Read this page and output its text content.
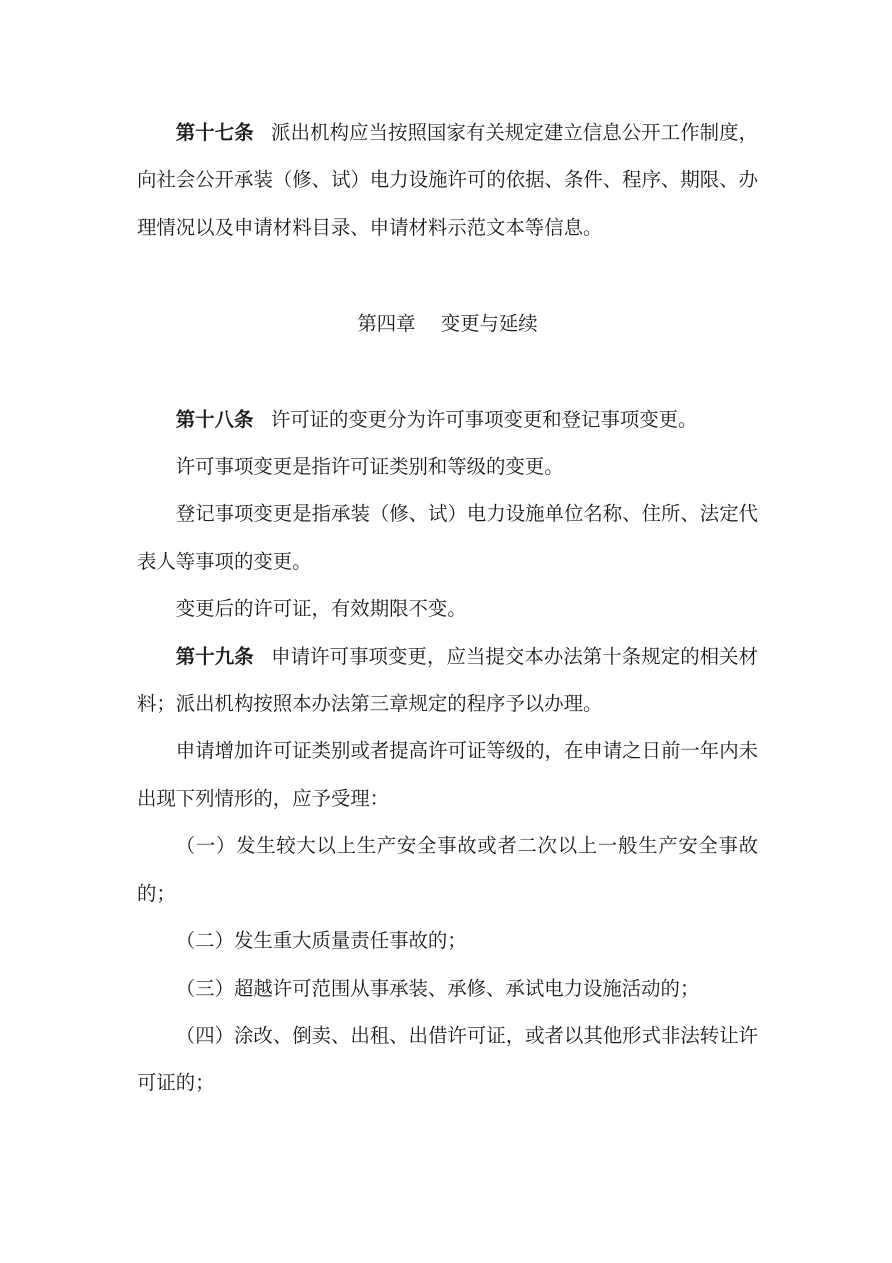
第十七条 派出机构应当按照国家有关规定建立信息公开工作制度，向社会公开承装（修、试）电力设施许可的依据、条件、程序、期限、办理情况以及申请材料目录、申请材料示范文本等信息。

第四章 变更与延续

第十八条 许可证的变更分为许可事项变更和登记事项变更。

许可事项变更是指许可证类别和等级的变更。

登记事项变更是指承装（修、试）电力设施单位名称、住所、法定代表人等事项的变更。

变更后的许可证，有效期限不变。

第十九条 申请许可事项变更，应当提交本办法第十条规定的相关材料；派出机构按照本办法第三章规定的程序予以办理。

申请增加许可证类别或者提高许可证等级的，在申请之日前一年内未出现下列情形的，应予受理：

（一）发生较大以上生产安全事故或者二次以上一般生产安全事故的；

（二）发生重大质量责任事故的；

（三）超越许可范围从事承装、承修、承试电力设施活动的；

（四）涂改、倒卖、出租、出借许可证，或者以其他形式非法转让许可证的；
